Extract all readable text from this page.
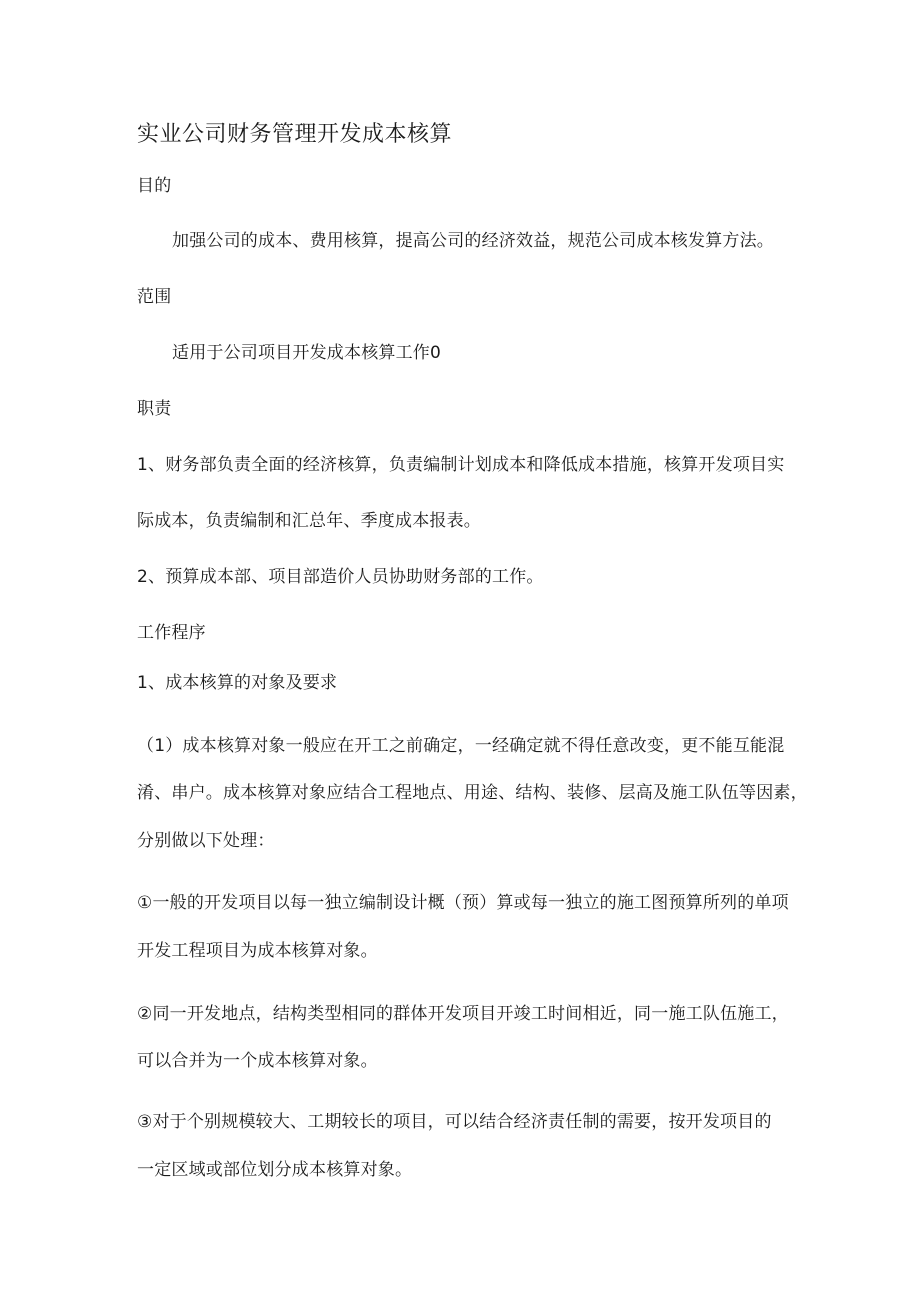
实业公司财务管理开发成本核算
目的
加强公司的成本、费用核算，提高公司的经济效益，规范公司成本核发算方法。
范围
适用于公司项目开发成本核算工作0
职责
1、财务部负责全面的经济核算，负责编制计划成本和降低成本措施，核算开发项目实
际成本，负责编制和汇总年、季度成本报表。
2、预算成本部、项目部造价人员协助财务部的工作。
工作程序
1、成本核算的对象及要求
（1）成本核算对象一般应在开工之前确定，一经确定就不得任意改变，更不能互能混
淆、串户。成本核算对象应结合工程地点、用途、结构、装修、层高及施工队伍等因素，
分别做以下处理：
①一般的开发项目以每一独立编制设计概（预）算或每一独立的施工图预算所列的单项
开发工程项目为成本核算对象。
②同一开发地点，结构类型相同的群体开发项目开竣工时间相近，同一施工队伍施工，
可以合并为一个成本核算对象。
③对于个别规模较大、工期较长的项目，可以结合经济责任制的需要，按开发项目的
一定区域或部位划分成本核算对象。
